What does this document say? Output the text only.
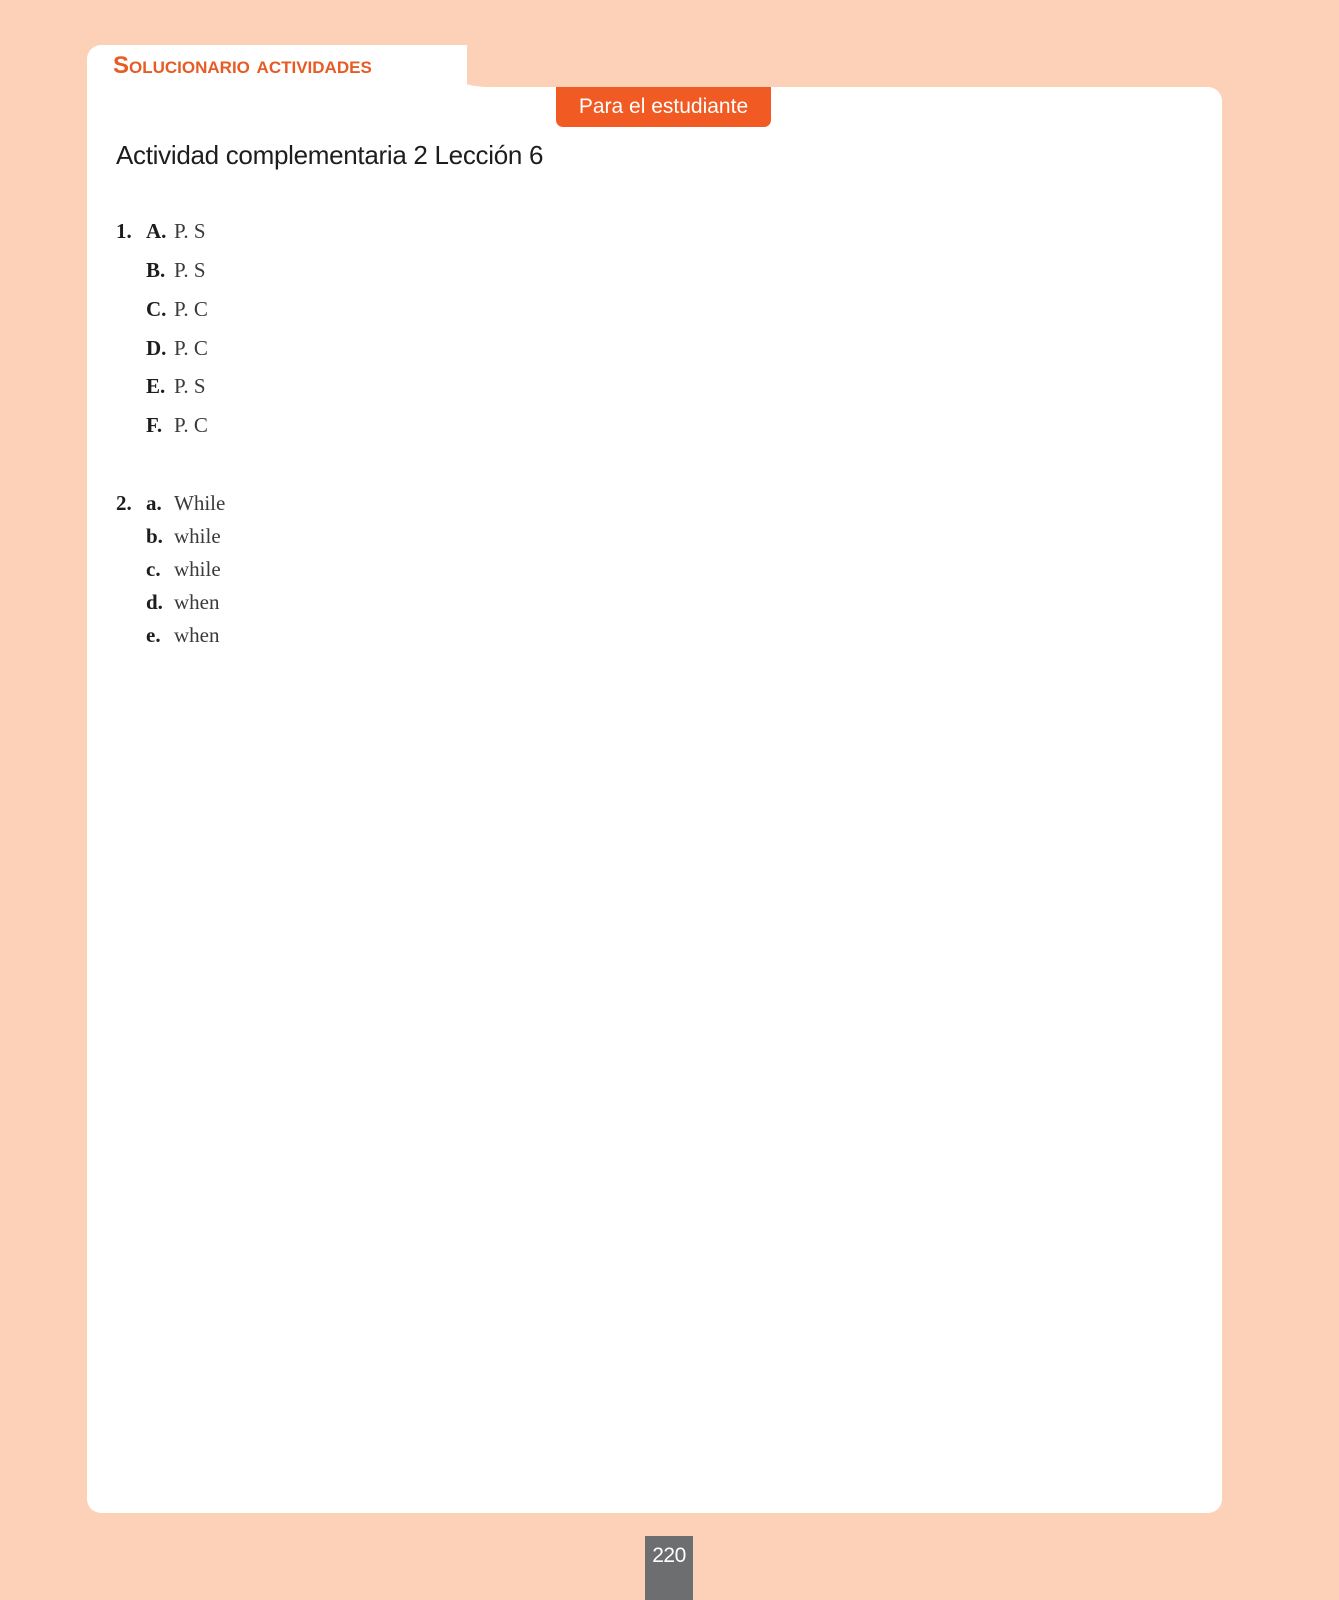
Solucionario actividades
Para el estudiante
Actividad complementaria 2 Lección 6
1. A. P. S
B. P. S
C. P. C
D. P. C
E. P. S
F. P. C
2. a. While
b. while
c. while
d. when
e. when
220
